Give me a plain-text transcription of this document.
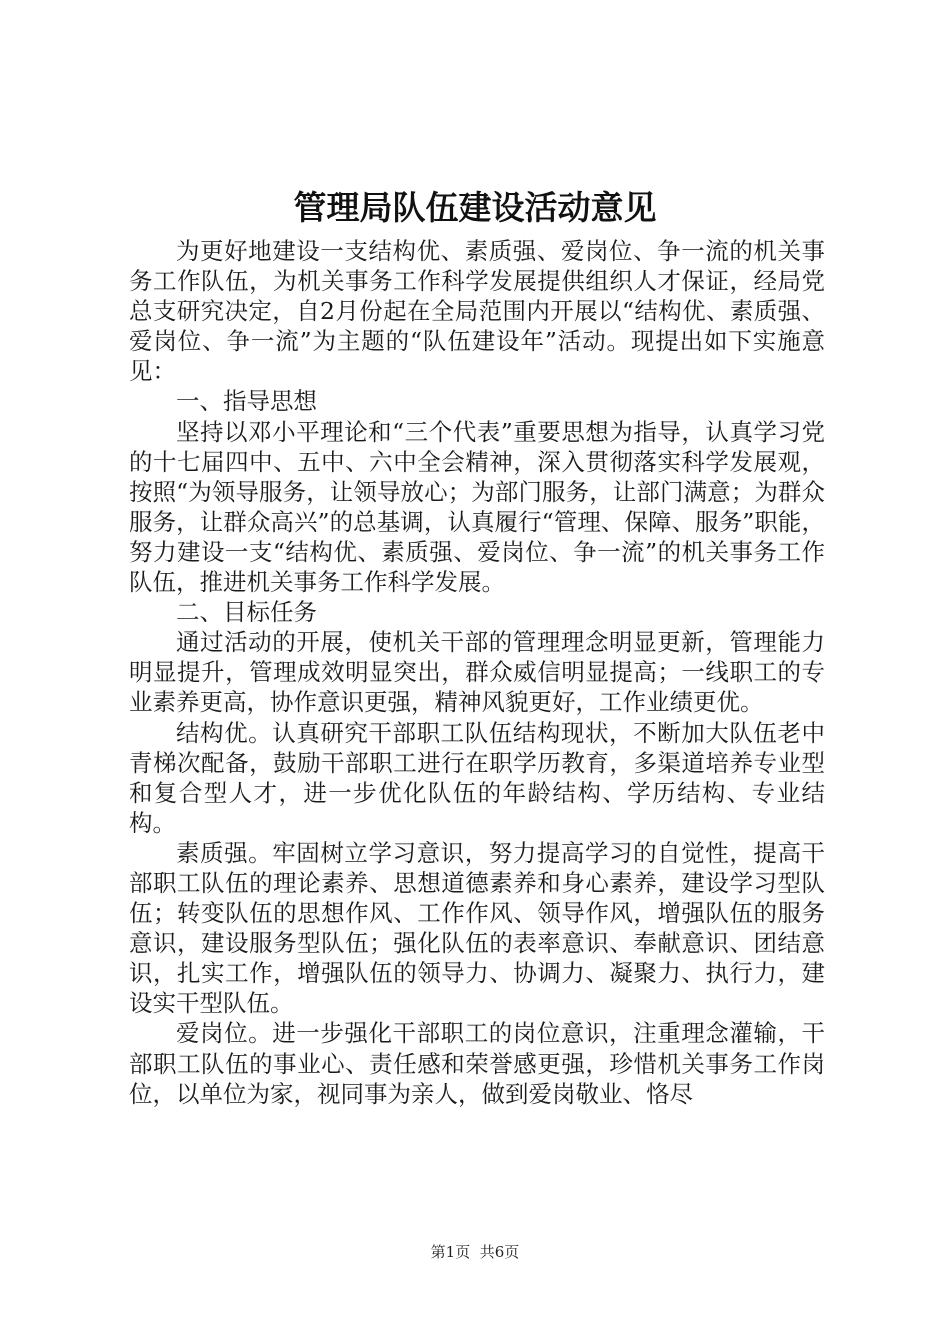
管理局队伍建设活动意见

为更好地建设一支结构优、素质强、爱岗位、争一流的机关事务工作队伍，为机关事务工作科学发展提供组织人才保证，经局党总支研究决定，自2月份起在全局范围内开展以“结构优、素质强、爱岗位、争一流”为主题的“队伍建设年”活动。现提出如下实施意见：

一、指导思想

坚持以邓小平理论和“三个代表”重要思想为指导，认真学习党的十七届四中、五中、六中全会精神，深入贯彻落实科学发展观，按照“为领导服务，让领导放心；为部门服务，让部门满意；为群众服务，让群众高兴”的总基调，认真履行“管理、保障、服务”职能，努力建设一支“结构优、素质强、爱岗位、争一流”的机关事务工作队伍，推进机关事务工作科学发展。

二、目标任务

通过活动的开展，使机关干部的管理理念明显更新，管理能力明显提升，管理成效明显突出，群众威信明显提高；一线职工的专业素养更高，协作意识更强，精神风貌更好，工作业绩更优。

结构优。认真研究干部职工队伍结构现状，不断加大队伍老中青梯次配备，鼓励干部职工进行在职学历教育，多渠道培养专业型和复合型人才，进一步优化队伍的年龄结构、学历结构、专业结构。

素质强。牢固树立学习意识，努力提高学习的自觉性，提高干部职工队伍的理论素养、思想道德素养和身心素养，建设学习型队伍；转变队伍的思想作风、工作作风、领导作风，增强队伍的服务意识，建设服务型队伍；强化队伍的表率意识、奉献意识、团结意识，扎实工作，增强队伍的领导力、协调力、凝聚力、执行力，建设实干型队伍。

爱岗位。进一步强化干部职工的岗位意识，注重理念灌输，干部职工队伍的事业心、责任感和荣誉感更强，珍惜机关事务工作岗位，以单位为家，视同事为亲人，做到爱岗敬业、恪尽

第1页 共6页
